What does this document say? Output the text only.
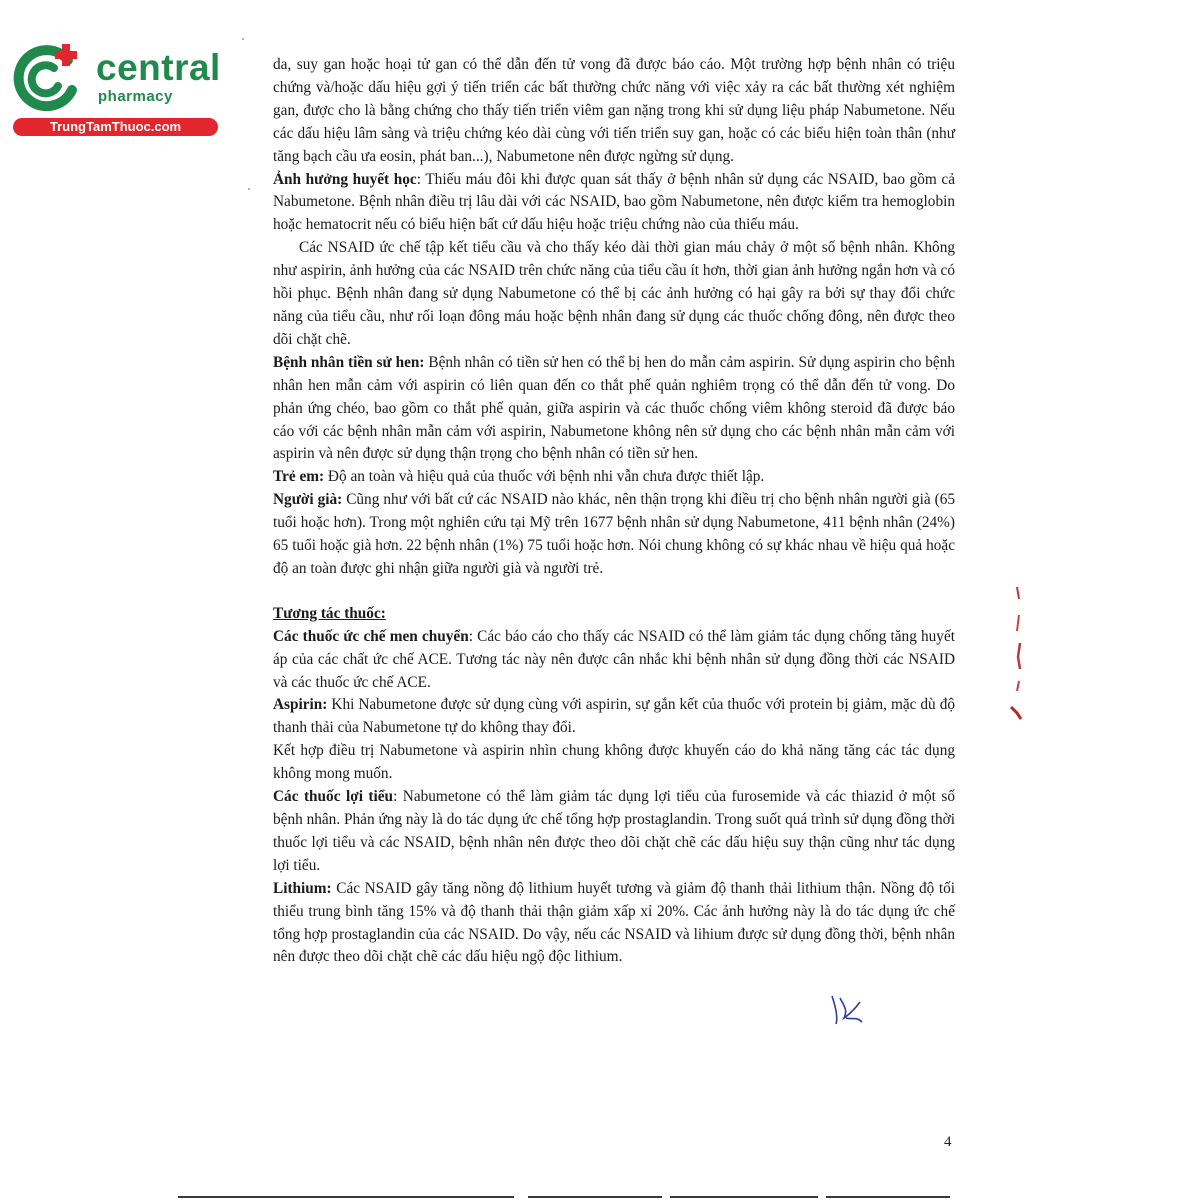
central
pharmacy
TrungTamThuoc.com

da, suy gan hoặc hoại tử gan có thể dẫn đến tử vong đã được báo cáo. Một trường hợp bệnh nhân có triệu chứng và/hoặc dấu hiệu gợi ý tiến triển các bất thường chức năng với việc xảy ra các bất thường xét nghiệm gan, được cho là bằng chứng cho thấy tiến triển viêm gan nặng trong khi sử dụng liệu pháp Nabumetone. Nếu các dấu hiệu lâm sàng và triệu chứng kéo dài cùng với tiến triển suy gan, hoặc có các biểu hiện toàn thân (như tăng bạch cầu ưa eosin, phát ban...), Nabumetone nên được ngừng sử dụng.

Ảnh hưởng huyết học: Thiếu máu đôi khi được quan sát thấy ở bệnh nhân sử dụng các NSAID, bao gồm cả Nabumetone. Bệnh nhân điều trị lâu dài với các NSAID, bao gồm Nabumetone, nên được kiểm tra hemoglobin hoặc hematocrit nếu có biểu hiện bất cứ dấu hiệu hoặc triệu chứng nào của thiếu máu.

Các NSAID ức chế tập kết tiểu cầu và cho thấy kéo dài thời gian máu chảy ở một số bệnh nhân. Không như aspirin, ảnh hưởng của các NSAID trên chức năng của tiểu cầu ít hơn, thời gian ảnh hưởng ngắn hơn và có hồi phục. Bệnh nhân đang sử dụng Nabumetone có thể bị các ảnh hưởng có hại gây ra bởi sự thay đổi chức năng của tiểu cầu, như rối loạn đông máu hoặc bệnh nhân đang sử dụng các thuốc chống đông, nên được theo dõi chặt chẽ.

Bệnh nhân tiền sử hen: Bệnh nhân có tiền sử hen có thể bị hen do mẫn cảm aspirin. Sử dụng aspirin cho bệnh nhân hen mẫn cảm với aspirin có liên quan đến co thắt phế quản nghiêm trọng có thể dẫn đến tử vong. Do phản ứng chéo, bao gồm co thắt phế quản, giữa aspirin và các thuốc chống viêm không steroid đã được báo cáo với các bệnh nhân mẫn cảm với aspirin, Nabumetone không nên sử dụng cho các bệnh nhân mẫn cảm với aspirin và nên được sử dụng thận trọng cho bệnh nhân có tiền sử hen.

Trẻ em: Độ an toàn và hiệu quả của thuốc với bệnh nhi vẫn chưa được thiết lập.

Người già: Cũng như với bất cứ các NSAID nào khác, nên thận trọng khi điều trị cho bệnh nhân người già (65 tuổi hoặc hơn). Trong một nghiên cứu tại Mỹ trên 1677 bệnh nhân sử dụng Nabumetone, 411 bệnh nhân (24%) 65 tuổi hoặc già hơn. 22 bệnh nhân (1%) 75 tuổi hoặc hơn. Nói chung không có sự khác nhau về hiệu quả hoặc độ an toàn được ghi nhận giữa người già và người trẻ.

Tương tác thuốc:

Các thuốc ức chế men chuyển: Các báo cáo cho thấy các NSAID có thể làm giảm tác dụng chống tăng huyết áp của các chất ức chế ACE. Tương tác này nên được cân nhắc khi bệnh nhân sử dụng đồng thời các NSAID và các thuốc ức chế ACE.

Aspirin: Khi Nabumetone được sử dụng cùng với aspirin, sự gắn kết của thuốc với protein bị giảm, mặc dù độ thanh thải của Nabumetone tự do không thay đổi.

Kết hợp điều trị Nabumetone và aspirin nhìn chung không được khuyến cáo do khả năng tăng các tác dụng không mong muốn.

Các thuốc lợi tiểu: Nabumetone có thể làm giảm tác dụng lợi tiểu của furosemide và các thiazid ở một số bệnh nhân. Phản ứng này là do tác dụng ức chế tổng hợp prostaglandin. Trong suốt quá trình sử dụng đồng thời thuốc lợi tiểu và các NSAID, bệnh nhân nên được theo dõi chặt chẽ các dấu hiệu suy thận cũng như tác dụng lợi tiểu.

Lithium: Các NSAID gây tăng nồng độ lithium huyết tương và giảm độ thanh thải lithium thận. Nồng độ tối thiểu trung bình tăng 15% và độ thanh thải thận giảm xấp xỉ 20%. Các ảnh hưởng này là do tác dụng ức chế tổng hợp prostaglandin của các NSAID. Do vậy, nếu các NSAID và lihium được sử dụng đồng thời, bệnh nhân nên được theo dõi chặt chẽ các dấu hiệu ngộ độc lithium.

4
